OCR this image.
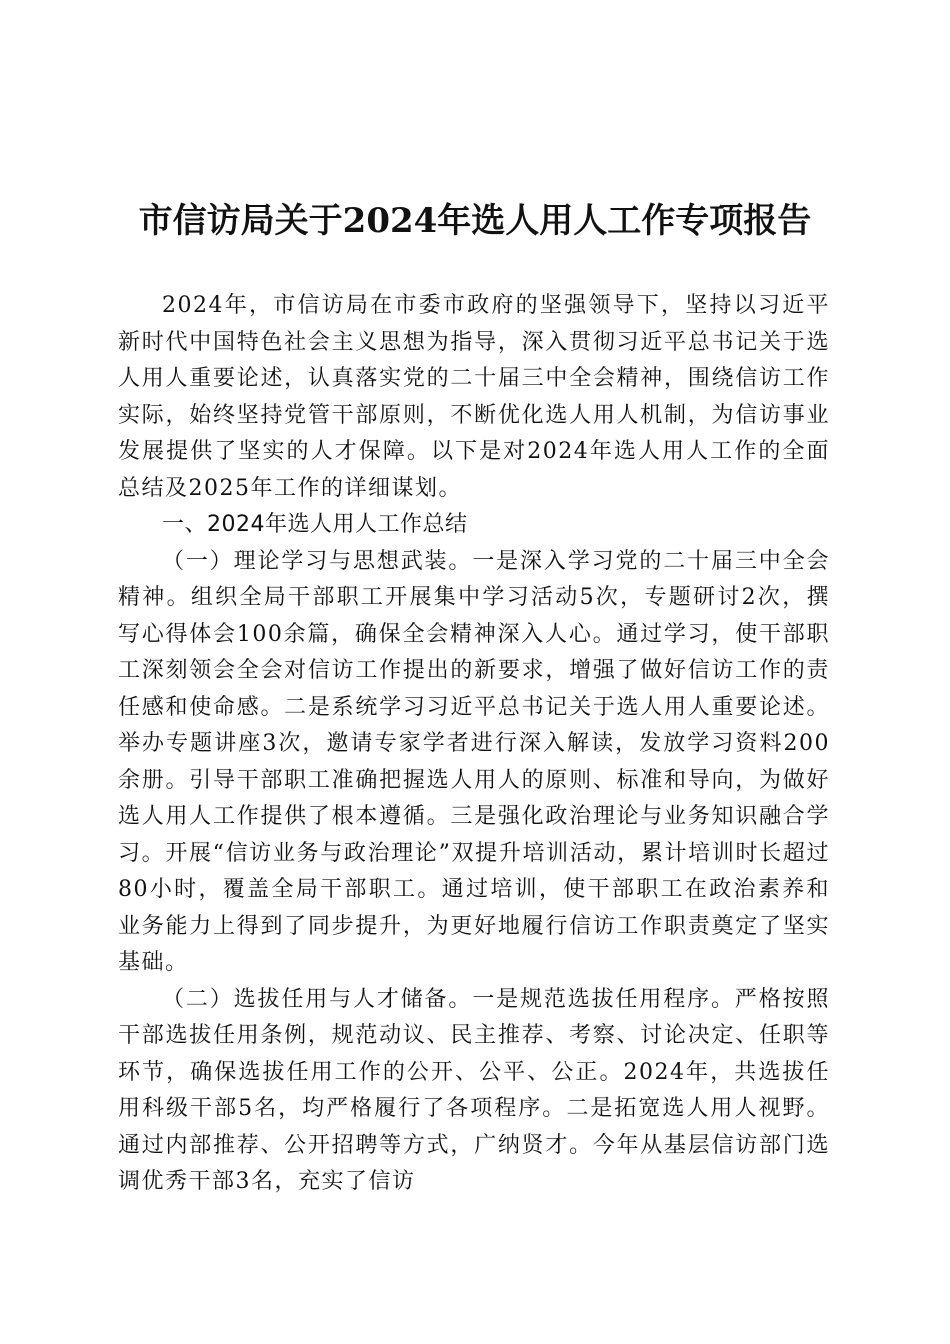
市信访局关于2024年选人用人工作专项报告

2024年，市信访局在市委市政府的坚强领导下，坚持以习近平新时代中国特色社会主义思想为指导，深入贯彻习近平总书记关于选人用人重要论述，认真落实党的二十届三中全会精神，围绕信访工作实际，始终坚持党管干部原则，不断优化选人用人机制，为信访事业发展提供了坚实的人才保障。以下是对2024年选人用人工作的全面总结及2025年工作的详细谋划。

一、2024年选人用人工作总结

（一）理论学习与思想武装。一是深入学习党的二十届三中全会精神。组织全局干部职工开展集中学习活动5次，专题研讨2次，撰写心得体会100余篇，确保全会精神深入人心。通过学习，使干部职工深刻领会全会对信访工作提出的新要求，增强了做好信访工作的责任感和使命感。二是系统学习习近平总书记关于选人用人重要论述。举办专题讲座3次，邀请专家学者进行深入解读，发放学习资料200余册。引导干部职工准确把握选人用人的原则、标准和导向，为做好选人用人工作提供了根本遵循。三是强化政治理论与业务知识融合学习。开展“信访业务与政治理论”双提升培训活动，累计培训时长超过80小时，覆盖全局干部职工。通过培训，使干部职工在政治素养和业务能力上得到了同步提升，为更好地履行信访工作职责奠定了坚实基础。

（二）选拔任用与人才储备。一是规范选拔任用程序。严格按照干部选拔任用条例，规范动议、民主推荐、考察、讨论决定、任职等环节，确保选拔任用工作的公开、公平、公正。2024年，共选拔任用科级干部5名，均严格履行了各项程序。二是拓宽选人用人视野。通过内部推荐、公开招聘等方式，广纳贤才。今年从基层信访部门选调优秀干部3名，充实了信访
